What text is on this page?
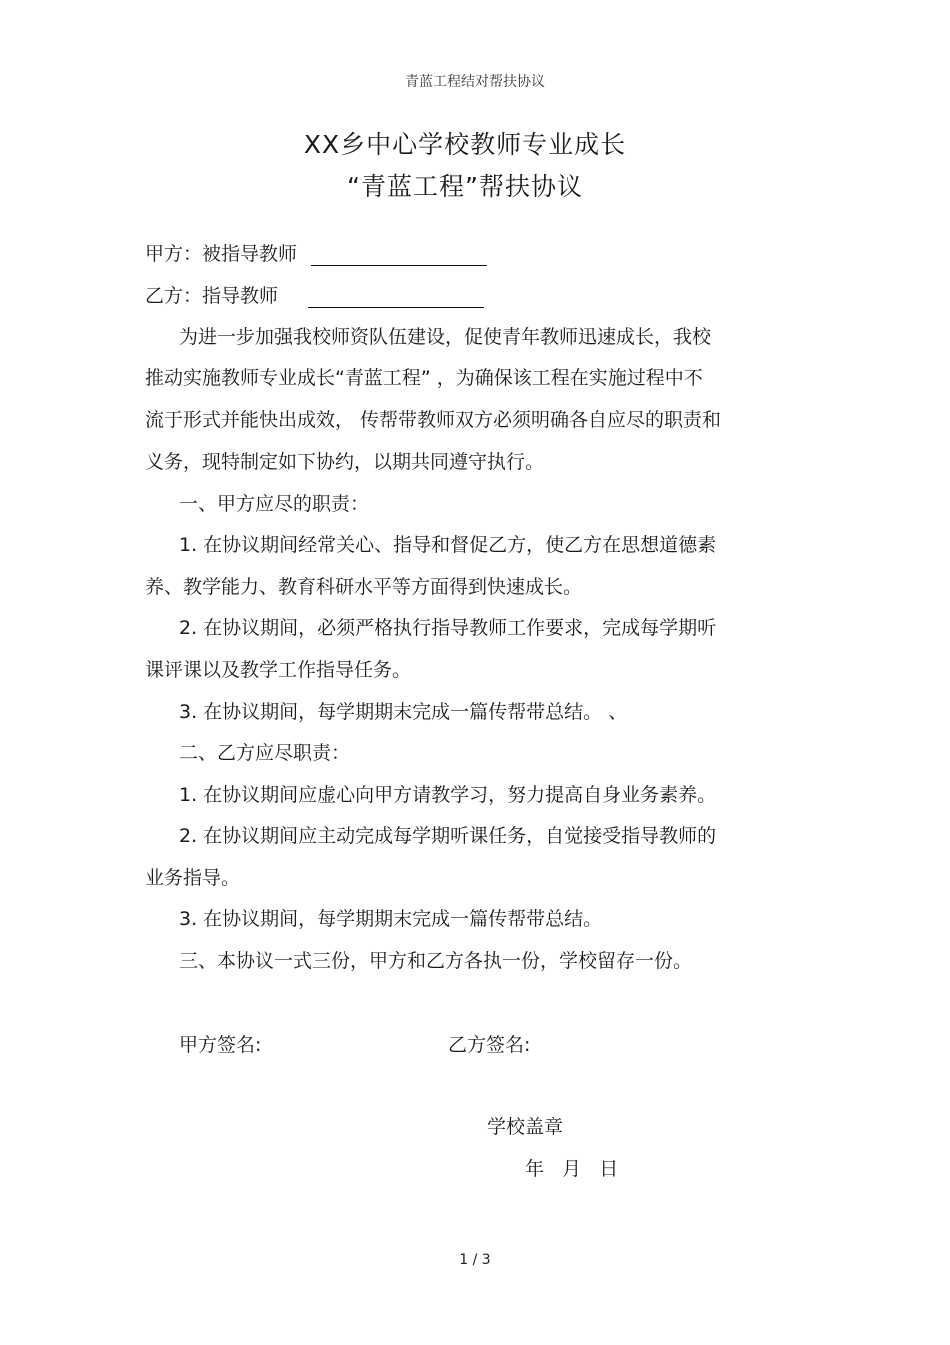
青蓝工程结对帮扶协议
XX乡中心学校教师专业成长
“青蓝工程”帮扶协议
甲方：被指导教师
乙方：指导教师
为进一步加强我校师资队伍建设，促使青年教师迅速成长，我校
推动实施教师专业成长“青蓝工程” ，为确保该工程在实施过程中不
流于形式并能快出成效， 传帮带教师双方必须明确各自应尽的职责和
义务，现特制定如下协约，以期共同遵守执行。
一、甲方应尽的职责：
1. 在协议期间经常关心、指导和督促乙方，使乙方在思想道德素
养、教学能力、教育科研水平等方面得到快速成长。
2. 在协议期间，必须严格执行指导教师工作要求，完成每学期听
课评课以及教学工作指导任务。
3. 在协议期间，每学期期末完成一篇传帮带总结。 、
二、乙方应尽职责：
1. 在协议期间应虚心向甲方请教学习，努力提高自身业务素养。
2. 在协议期间应主动完成每学期听课任务，自觉接受指导教师的
业务指导。
3. 在协议期间，每学期期末完成一篇传帮带总结。
三、本协议一式三份，甲方和乙方各执一份，学校留存一份。
甲方签名:	乙方签名:
学校盖章
年   月   日
1 / 3
